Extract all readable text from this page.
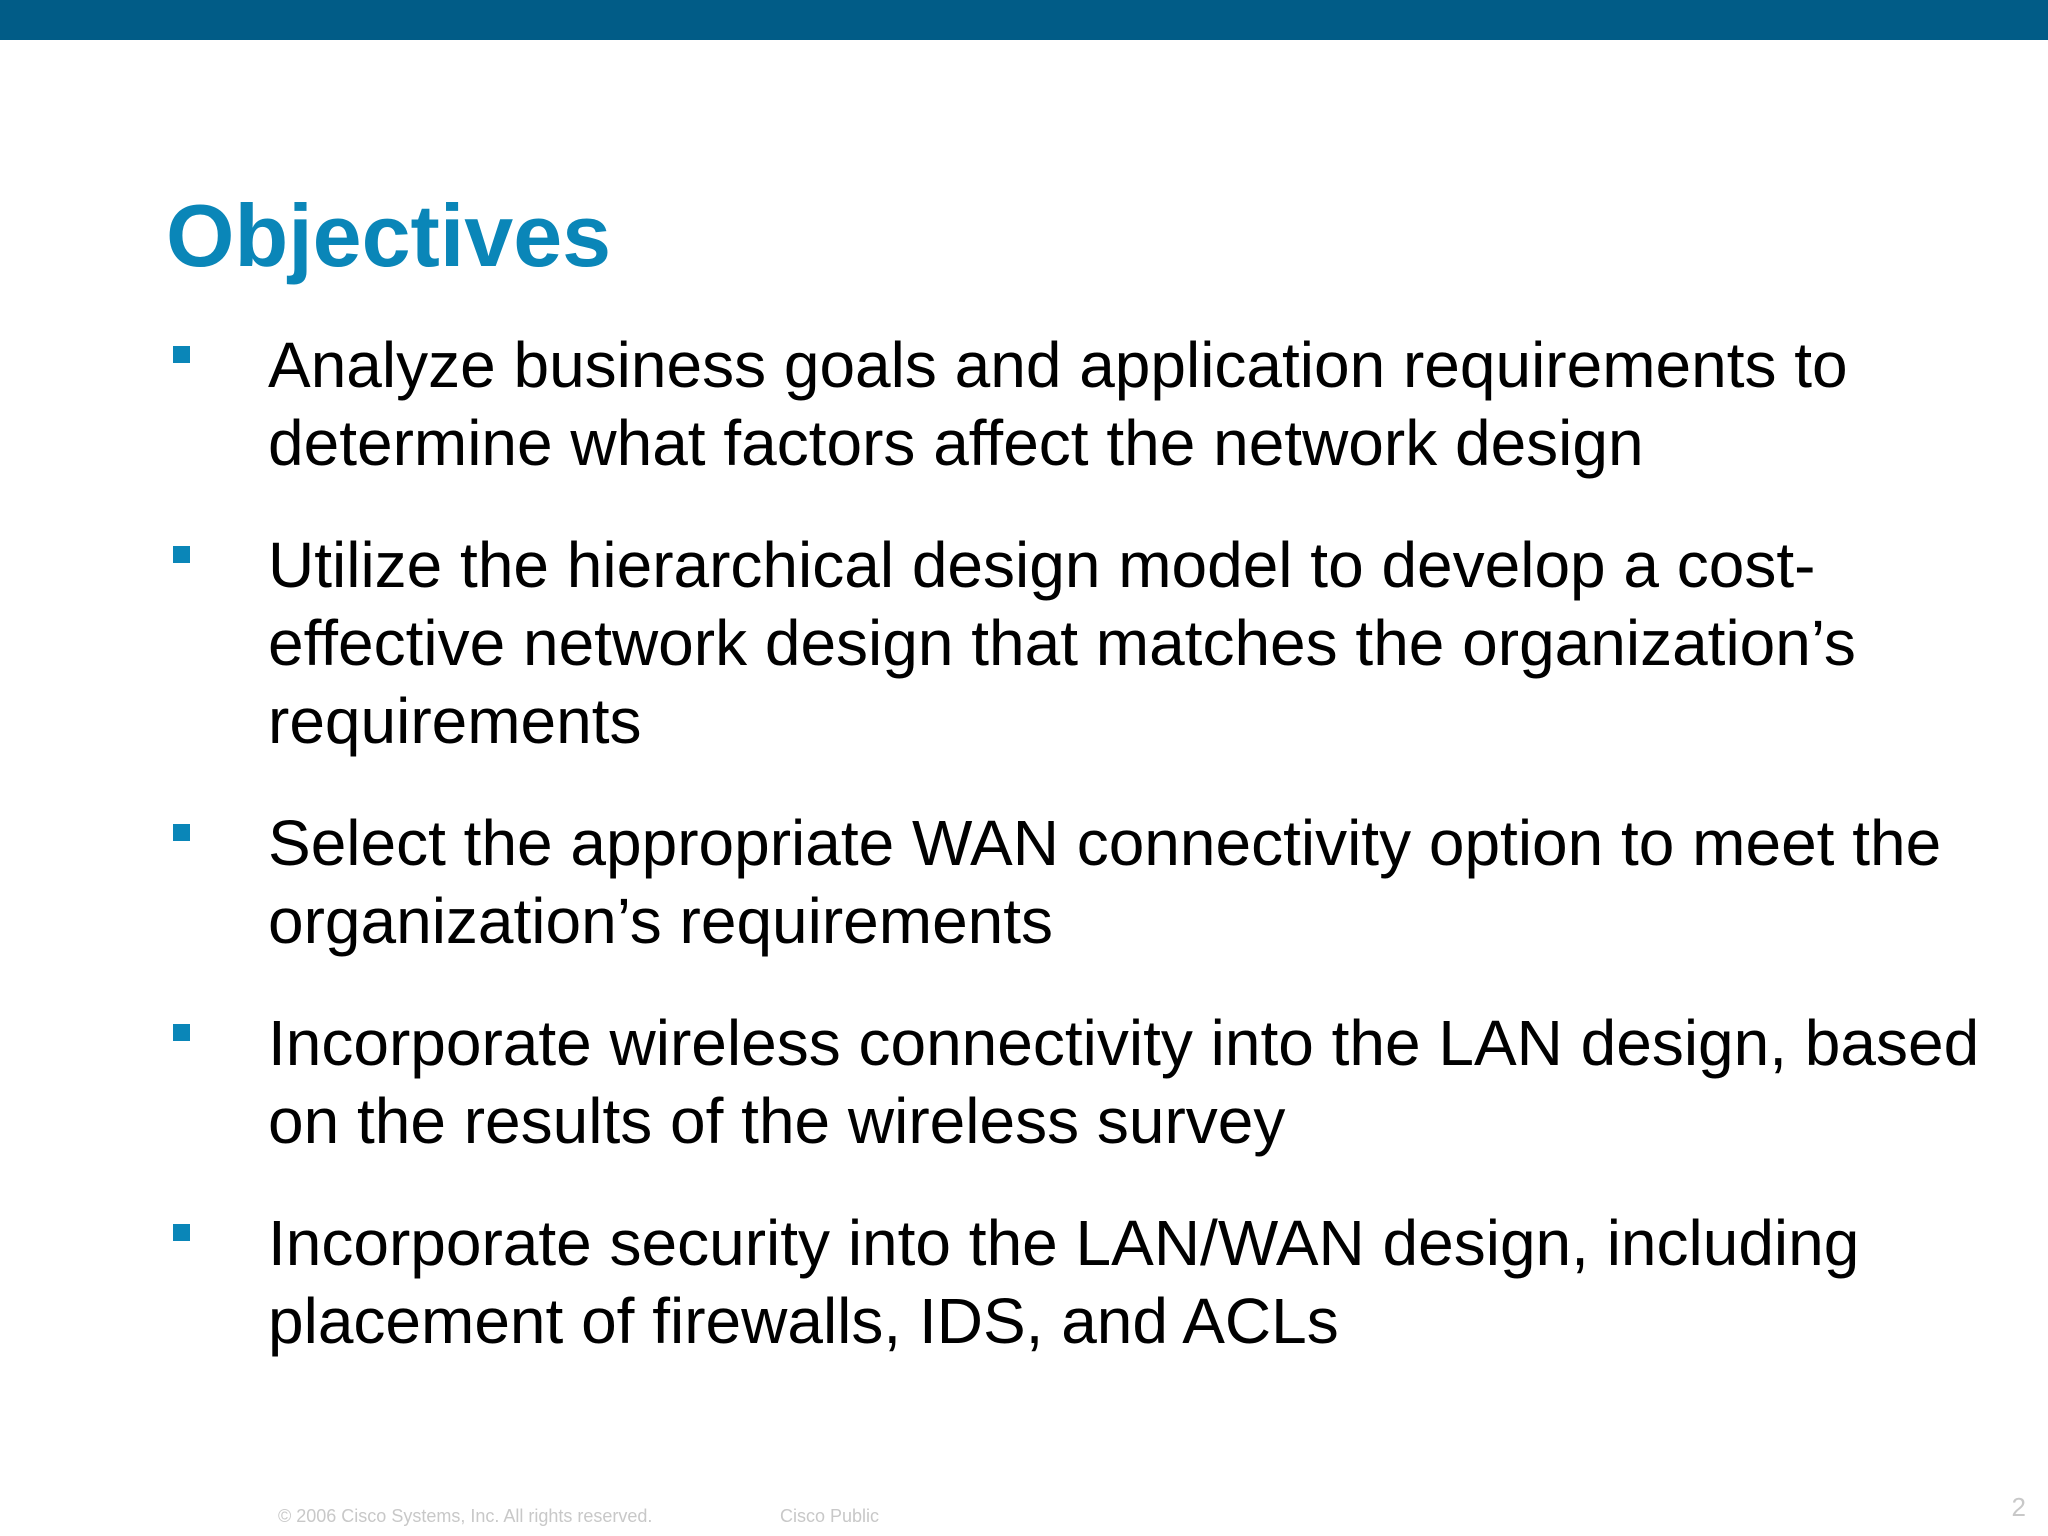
Objectives
Analyze business goals and application requirements to determine what factors affect the network design
Utilize the hierarchical design model to develop a cost-effective network design that matches the organization’s requirements
Select the appropriate WAN connectivity option to meet the organization’s requirements
Incorporate wireless connectivity into the LAN design, based on the results of the wireless survey
Incorporate security into the LAN/WAN design, including placement of firewalls, IDS, and ACLs
© 2006 Cisco Systems, Inc. All rights reserved.	Cisco Public	2
